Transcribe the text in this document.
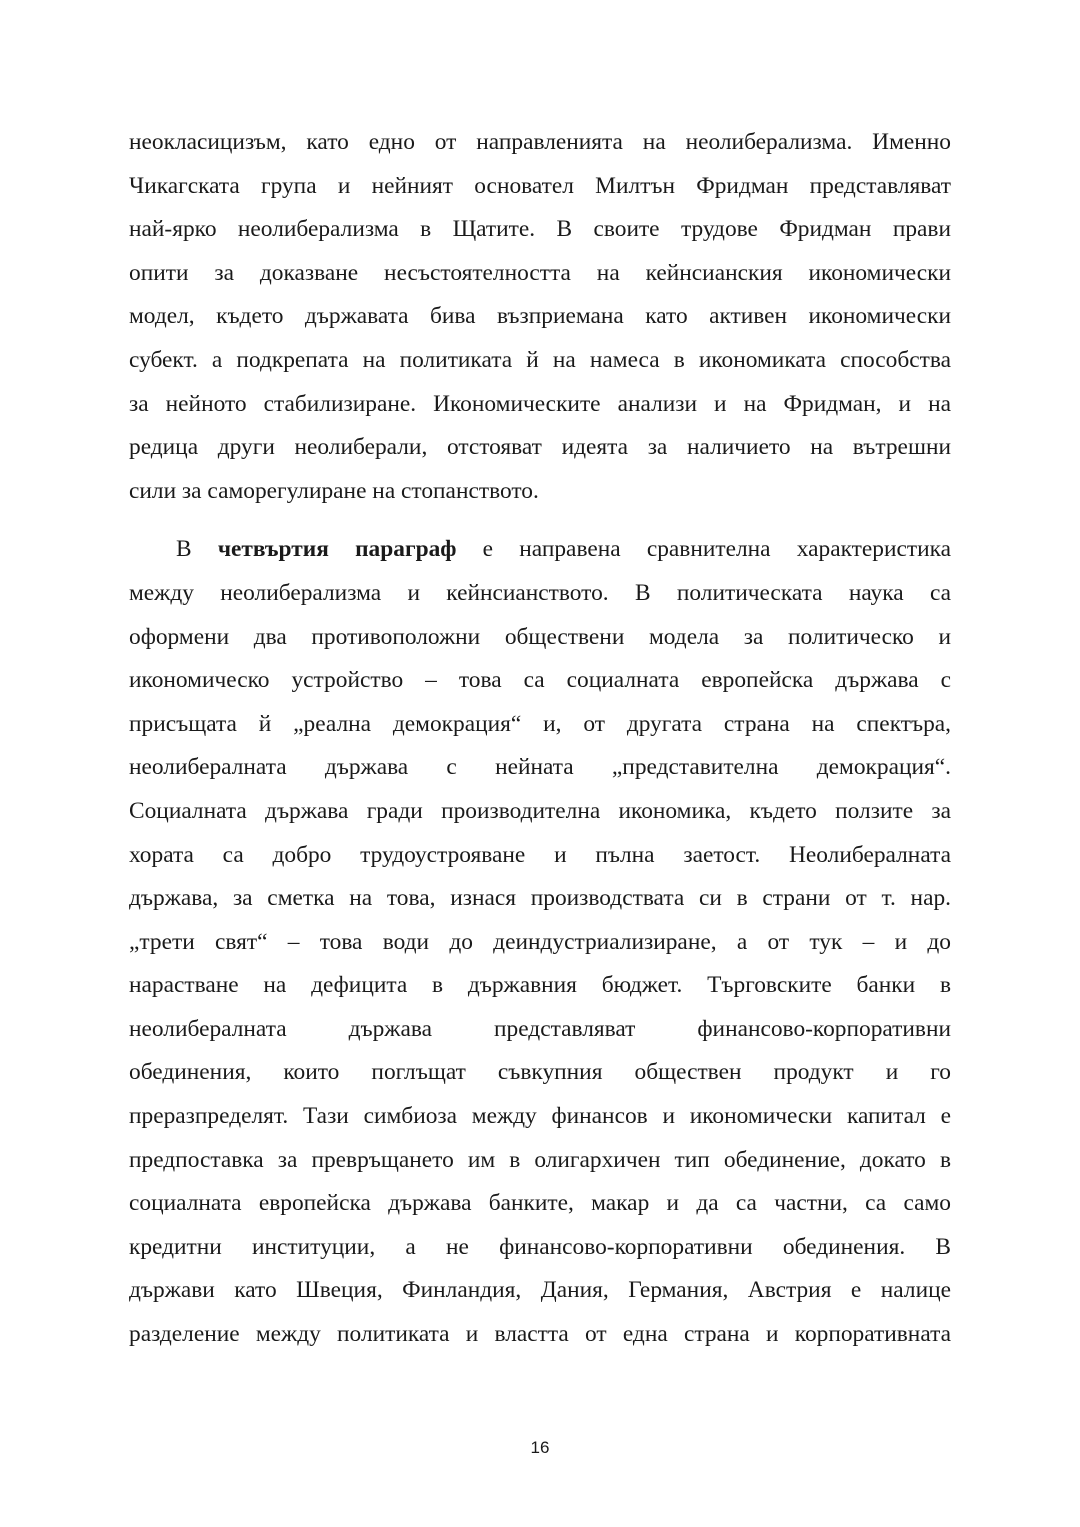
неокласицизъм, като едно от направленията на неолиберализма. Именно
Чикагската група и нейният основател Милтън Фридман представляват
най-ярко неолиберализма в Щатите. В своите трудове Фридман прави
опити за доказване несъстоятелността на кейнсианския икономически
модел, където държавата бива възприемана като активен икономически
субект. а подкрепата на политиката й на намеса в икономиката способства
за нейното стабилизиране. Икономическите анализи и на Фридман, и на
редица други неолиберали, отстояват идеята за наличието на вътрешни
сили за саморегулиране на стопанството.
В четвъртия параграф е направена сравнителна характеристика
между неолиберализма и кейнсианството. В политическата наука са
оформени два противоположни обществени модела за политическо и
икономическо устройство – това са социалната европейска държава с
присъщата й „реална демокрация“ и, от другата страна на спектъра,
неолибералната държава с нейната „представителна демокрация“.
Социалната държава гради производителна икономика, където ползите за
хората са добро трудоустрояване и пълна заетост. Неолибералната
държава, за сметка на това, изнася производствата си в страни от т. нар.
„трети свят“ – това води до деиндустриализиране, а от тук – и до
нарастване на дефицита в държавния бюджет. Търговските банки в
неолибералната държава представляват финансово-корпоративни
обединения, които поглъщат съвкупния обществен продукт и го
преразпределят. Тази симбиоза между финансов и икономически капитал е
предпоставка за превръщането им в олигархичен тип обединение, докато в
социалната европейска държава банките, макар и да са частни, са само
кредитни институции, а не финансово-корпоративни обединения. В
държави като Швеция, Финландия, Дания, Германия, Австрия е налице
разделение между политиката и властта от една страна и корпоративната
16
